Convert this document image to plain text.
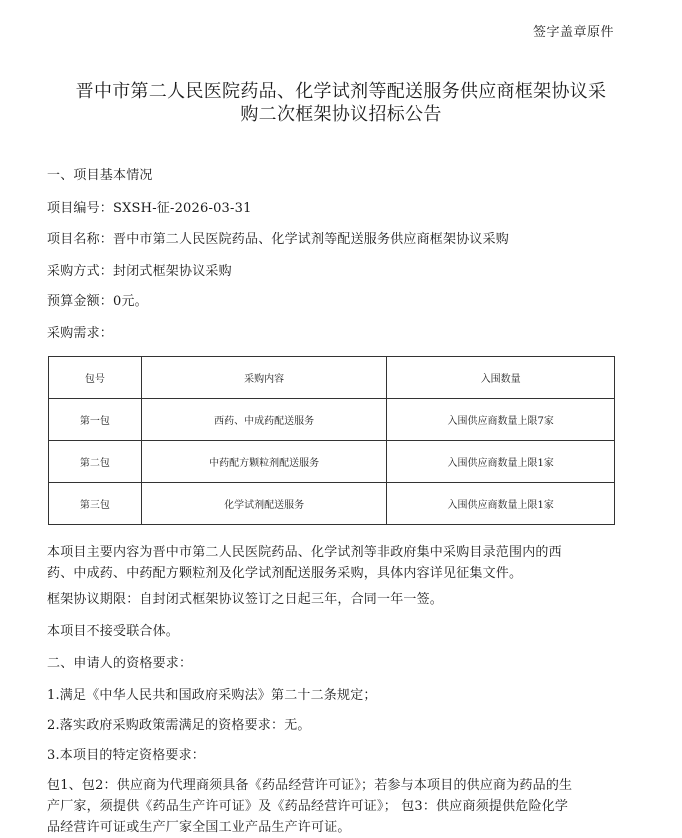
签字盖章原件
晋中市第二人民医院药品、化学试剂等配送服务供应商框架协议采
购二次框架协议招标公告
一、项目基本情况
项目编号：SXSH-征-2026-03-31
项目名称：晋中市第二人民医院药品、化学试剂等配送服务供应商框架协议采购
采购方式：封闭式框架协议采购
预算金额：0元。
采购需求：
包号	采购内容	入围数量
第一包	西药、中成药配送服务	入围供应商数量上限7家
第二包	中药配方颗粒剂配送服务	入围供应商数量上限1家
第三包	化学试剂配送服务	入围供应商数量上限1家
本项目主要内容为晋中市第二人民医院药品、化学试剂等非政府集中采购目录范围内的西
药、中成药、中药配方颗粒剂及化学试剂配送服务采购，具体内容详见征集文件。
框架协议期限：自封闭式框架协议签订之日起三年，合同一年一签。
本项目不接受联合体。
二、申请人的资格要求：
1.满足《中华人民共和国政府采购法》第二十二条规定；
2.落实政府采购政策需满足的资格要求：无。
3.本项目的特定资格要求：
包1、包2：供应商为代理商须具备《药品经营许可证》；若参与本项目的供应商为药品的生
产厂家，须提供《药品生产许可证》及《药品经营许可证》； 包3：供应商须提供危险化学
品经营许可证或生产厂家全国工业产品生产许可证。
